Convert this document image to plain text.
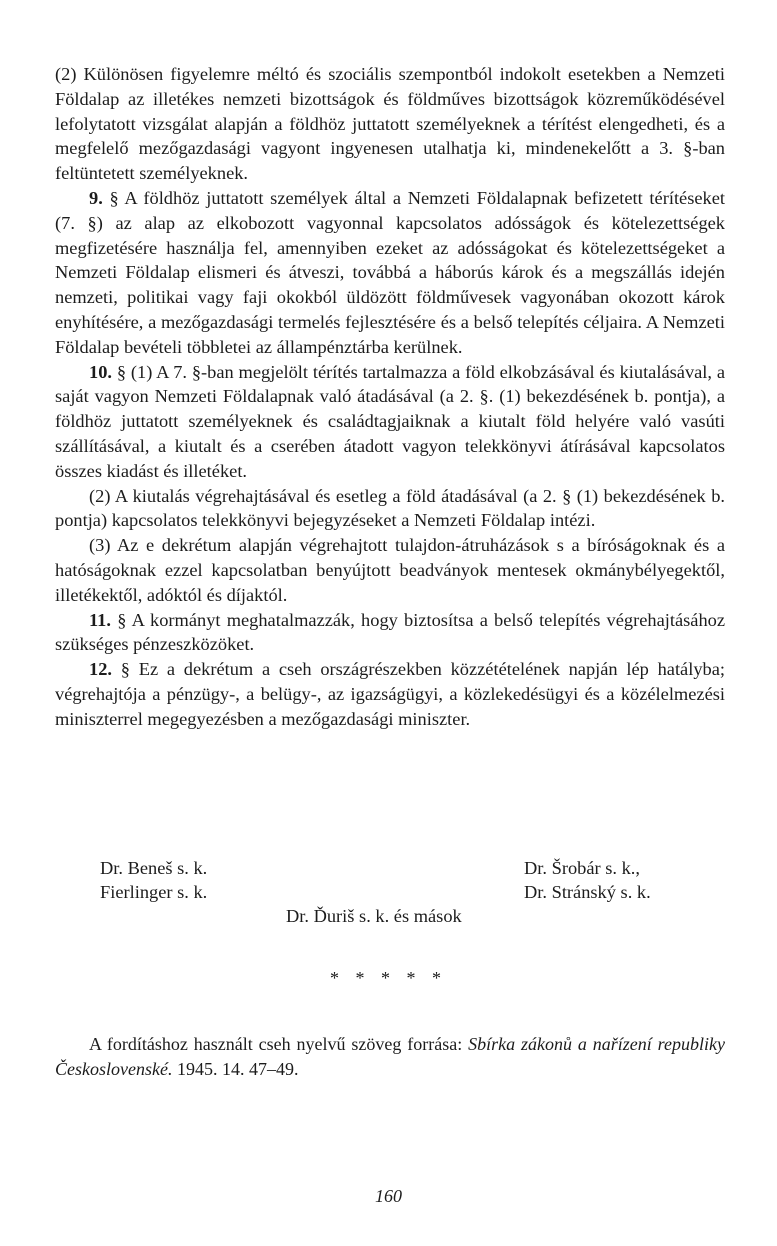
(2) Különösen figyelemre méltó és szociális szempontból indokolt esetekben a Nemzeti Földalap az illetékes nemzeti bizottságok és földműves bizottságok közreműködésével lefolytatott vizsgálat alapján a földhöz juttatott személyeknek a térítést elengedheti, és a megfelelő mezőgazdasági vagyont ingyenesen utalhatja ki, mindenekelőtt a 3. §-ban feltüntetett személyeknek.

9. § A földhöz juttatott személyek által a Nemzeti Földalapnak befizetett térítéseket (7. §) az alap az elkobozott vagyonnal kapcsolatos adósságok és kötelezettségek megfizetésére használja fel, amennyiben ezeket az adósságokat és kötelezettségeket a Nemzeti Földalap elismeri és átveszi, továbbá a háborús károk és a megszállás idején nemzeti, politikai vagy faji okokból üldözött földművesek vagyonában okozott károk enyhítésére, a mezőgazdasági termelés fejlesztésére és a belső telepítés céljaira. A Nemzeti Földalap bevételi többletei az állampénztárba kerülnek.

10. § (1) A 7. §-ban megjelölt térítés tartalmazza a föld elkobzásával és kiutalásával, a saját vagyon Nemzeti Földalapnak való átadásával (a 2. §. (1) bekezdésének b. pontja), a földhöz juttatott személyeknek és családtagjaiknak a kiutalt föld helyére való vasúti szállításával, a kiutalt és a cserében átadott vagyon telekkönyvi átírásával kapcsolatos összes kiadást és illetéket.

(2) A kiutalás végrehajtásával és esetleg a föld átadásával (a 2. § (1) bekezdésének b. pontja) kapcsolatos telekkönyvi bejegyzéseket a Nemzeti Földalap intézi.

(3) Az e dekrétum alapján végrehajtott tulajdon-átruházások s a bíróságoknak és a hatóságoknak ezzel kapcsolatban benyújtott beadványok mentesek okmánybélyegektől, illetékektől, adóktól és díjaktól.

11. § A kormányt meghatalmazzák, hogy biztosítsa a belső telepítés végrehajtásához szükséges pénzeszközöket.

12. § Ez a dekrétum a cseh országrészekben közzétételének napján lép hatályba; végrehajtója a pénzügy-, a belügy-, az igazságügyi, a közlekedésügyi és a közélelmezési miniszterrel megegyezésben a mezőgazdasági miniszter.

Dr. Beneš s. k.
Fierlinger s. k.
Dr. Ďuriš s. k. és mások
Dr. Šrobár s. k.,
Dr. Stránský s. k.
* * * * *

A fordításhoz használt cseh nyelvű szöveg forrása: Sbírka zákonů a nařízení republiky Československé. 1945. 14. 47–49.

160
